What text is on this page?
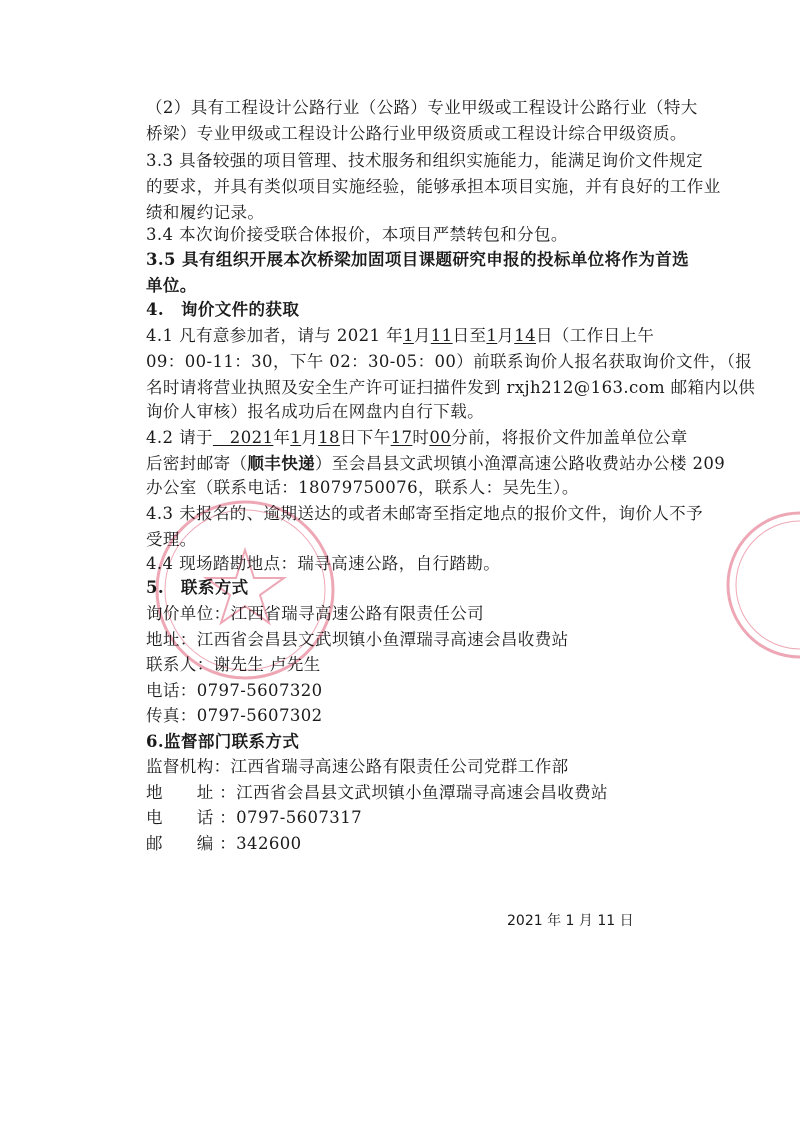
（2）具有工程设计公路行业（公路）专业甲级或工程设计公路行业（特大
桥梁）专业甲级或工程设计公路行业甲级资质或工程设计综合甲级资质。
3.3 具备较强的项目管理、技术服务和组织实施能力，能满足询价文件规定
的要求，并具有类似项目实施经验，能够承担本项目实施，并有良好的工作业
绩和履约记录。
3.4 本次询价接受联合体报价，本项目严禁转包和分包。
3.5 具有组织开展本次桥梁加固项目课题研究申报的投标单位将作为首选
单位。
4.　询价文件的获取
4.1 凡有意参加者，请与 2021 年1月11日至1月14日（工作日上午
09：00-11：30，下午 02：30-05：00）前联系询价人报名获取询价文件，（报
名时请将营业执照及安全生产许可证扫描件发到 rxjh212@163.com 邮箱内以供
询价人审核）报名成功后在网盘内自行下载。
4.2 请于　2021年1月18日下午17时00分前，将报价文件加盖单位公章
后密封邮寄（顺丰快递）至会昌县文武坝镇小渔潭高速公路收费站办公楼 209
办公室（联系电话：18079750076，联系人：吴先生）。
4.3 未报名的、逾期送达的或者未邮寄至指定地点的报价文件，询价人不予
受理。
4.4 现场踏勘地点：瑞寻高速公路，自行踏勘。
5.　联系方式
询价单位：江西省瑞寻高速公路有限责任公司
地址：江西省会昌县文武坝镇小鱼潭瑞寻高速会昌收费站
联系人：谢先生 卢先生
电话：0797-5607320
传真：0797-5607302
6.监督部门联系方式
监督机构：江西省瑞寻高速公路有限责任公司党群工作部
地　　址 ：江西省会昌县文武坝镇小鱼潭瑞寻高速会昌收费站
电　　话 ：0797-5607317
邮　　编 ：342600
2021 年 1 月 11 日
